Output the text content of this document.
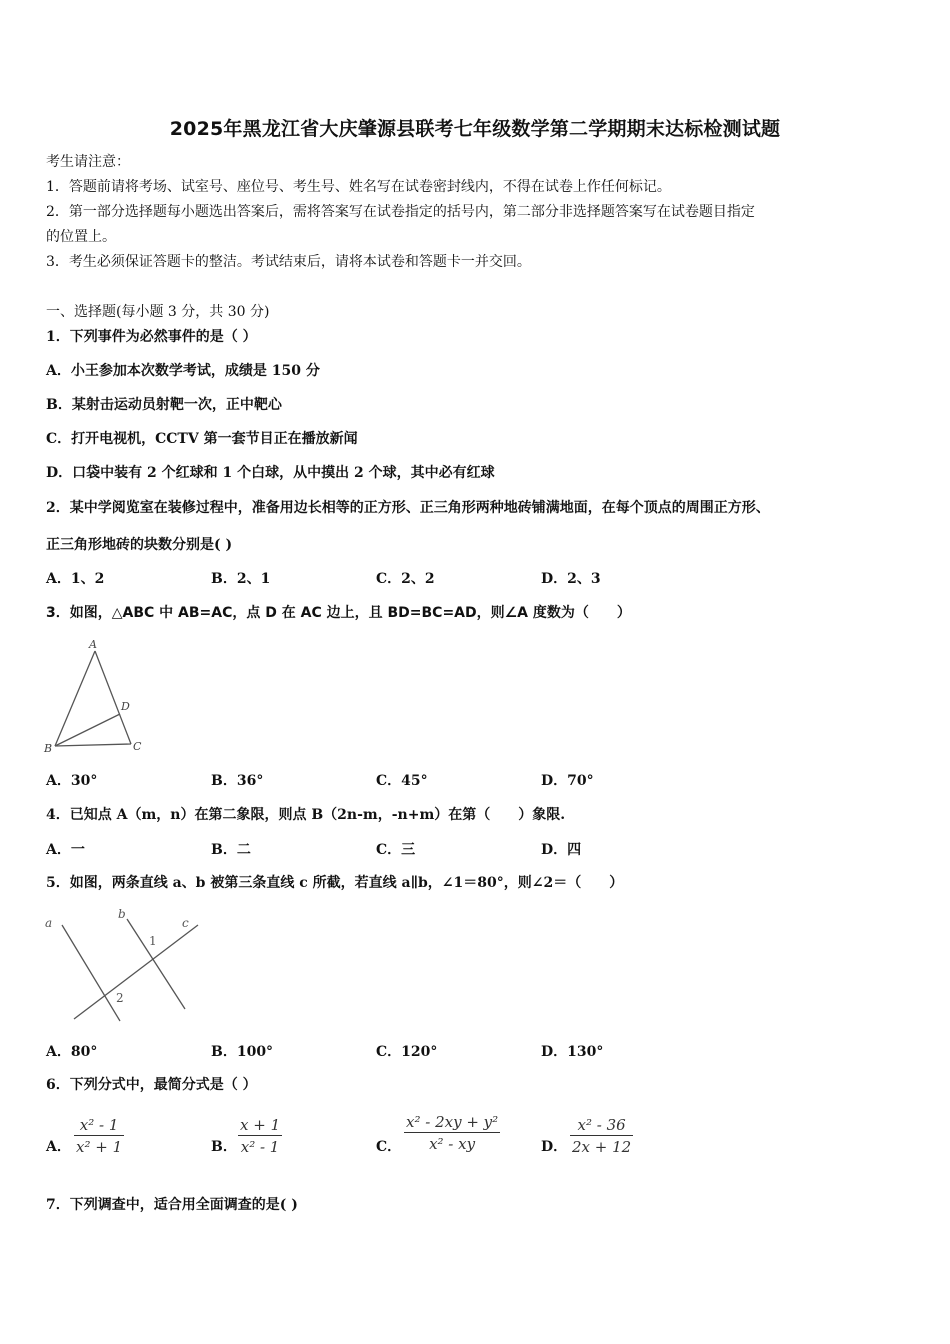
2025年黑龙江省大庆肇源县联考七年级数学第二学期期末达标检测试题
考生请注意：
1．答题前请将考场、试室号、座位号、考生号、姓名写在试卷密封线内，不得在试卷上作任何标记。
2．第一部分选择题每小题选出答案后，需将答案写在试卷指定的括号内，第二部分非选择题答案写在试卷题目指定
的位置上。
3．考生必须保证答题卡的整洁。考试结束后，请将本试卷和答题卡一并交回。
一、选择题(每小题 3 分，共 30 分)
1．下列事件为必然事件的是（ ）
A．小王参加本次数学考试，成绩是 150 分
B．某射击运动员射靶一次，正中靶心
C．打开电视机，CCTV 第一套节目正在播放新闻
D．口袋中装有 2 个红球和 1 个白球，从中摸出 2 个球，其中必有红球
2．某中学阅览室在装修过程中，准备用边长相等的正方形、正三角形两种地砖铺满地面，在每个顶点的周围正方形、
正三角形地砖的块数分别是( )
A．1、2	B．2、1	C．2、2	D．2、3
3．如图，△ABC 中 AB=AC，点 D 在 AC 边上，且 BD=BC=AD，则∠A 度数为（　　）
A
B	C
D
A．30°	B．36°	C．45°	D．70°
4．已知点 A（m，n）在第二象限，则点 B（2n-m，-n+m）在第（　　）象限.
A．一	B．二	C．三	D．四
5．如图，两条直线 a、b 被第三条直线 c 所截，若直线 a∥b，∠1＝80°，则∠2＝（　　）
a
b
c
1
2
A．80°	B．100°	C．120°	D．130°
6．下列分式中，最简分式是（ ）
A． $\frac{\text{x² - 1}}{\text{x² + 1}}$	B． $\frac{x + 1}{\text{x² - 1}}$	C． $\frac{\text{x² - 2xy + y²}}{\text{x² - xy}}$	D． $\frac{\text{x² - 36}}{2x + 12}$
7．下列调查中，适合用全面调查的是( )
